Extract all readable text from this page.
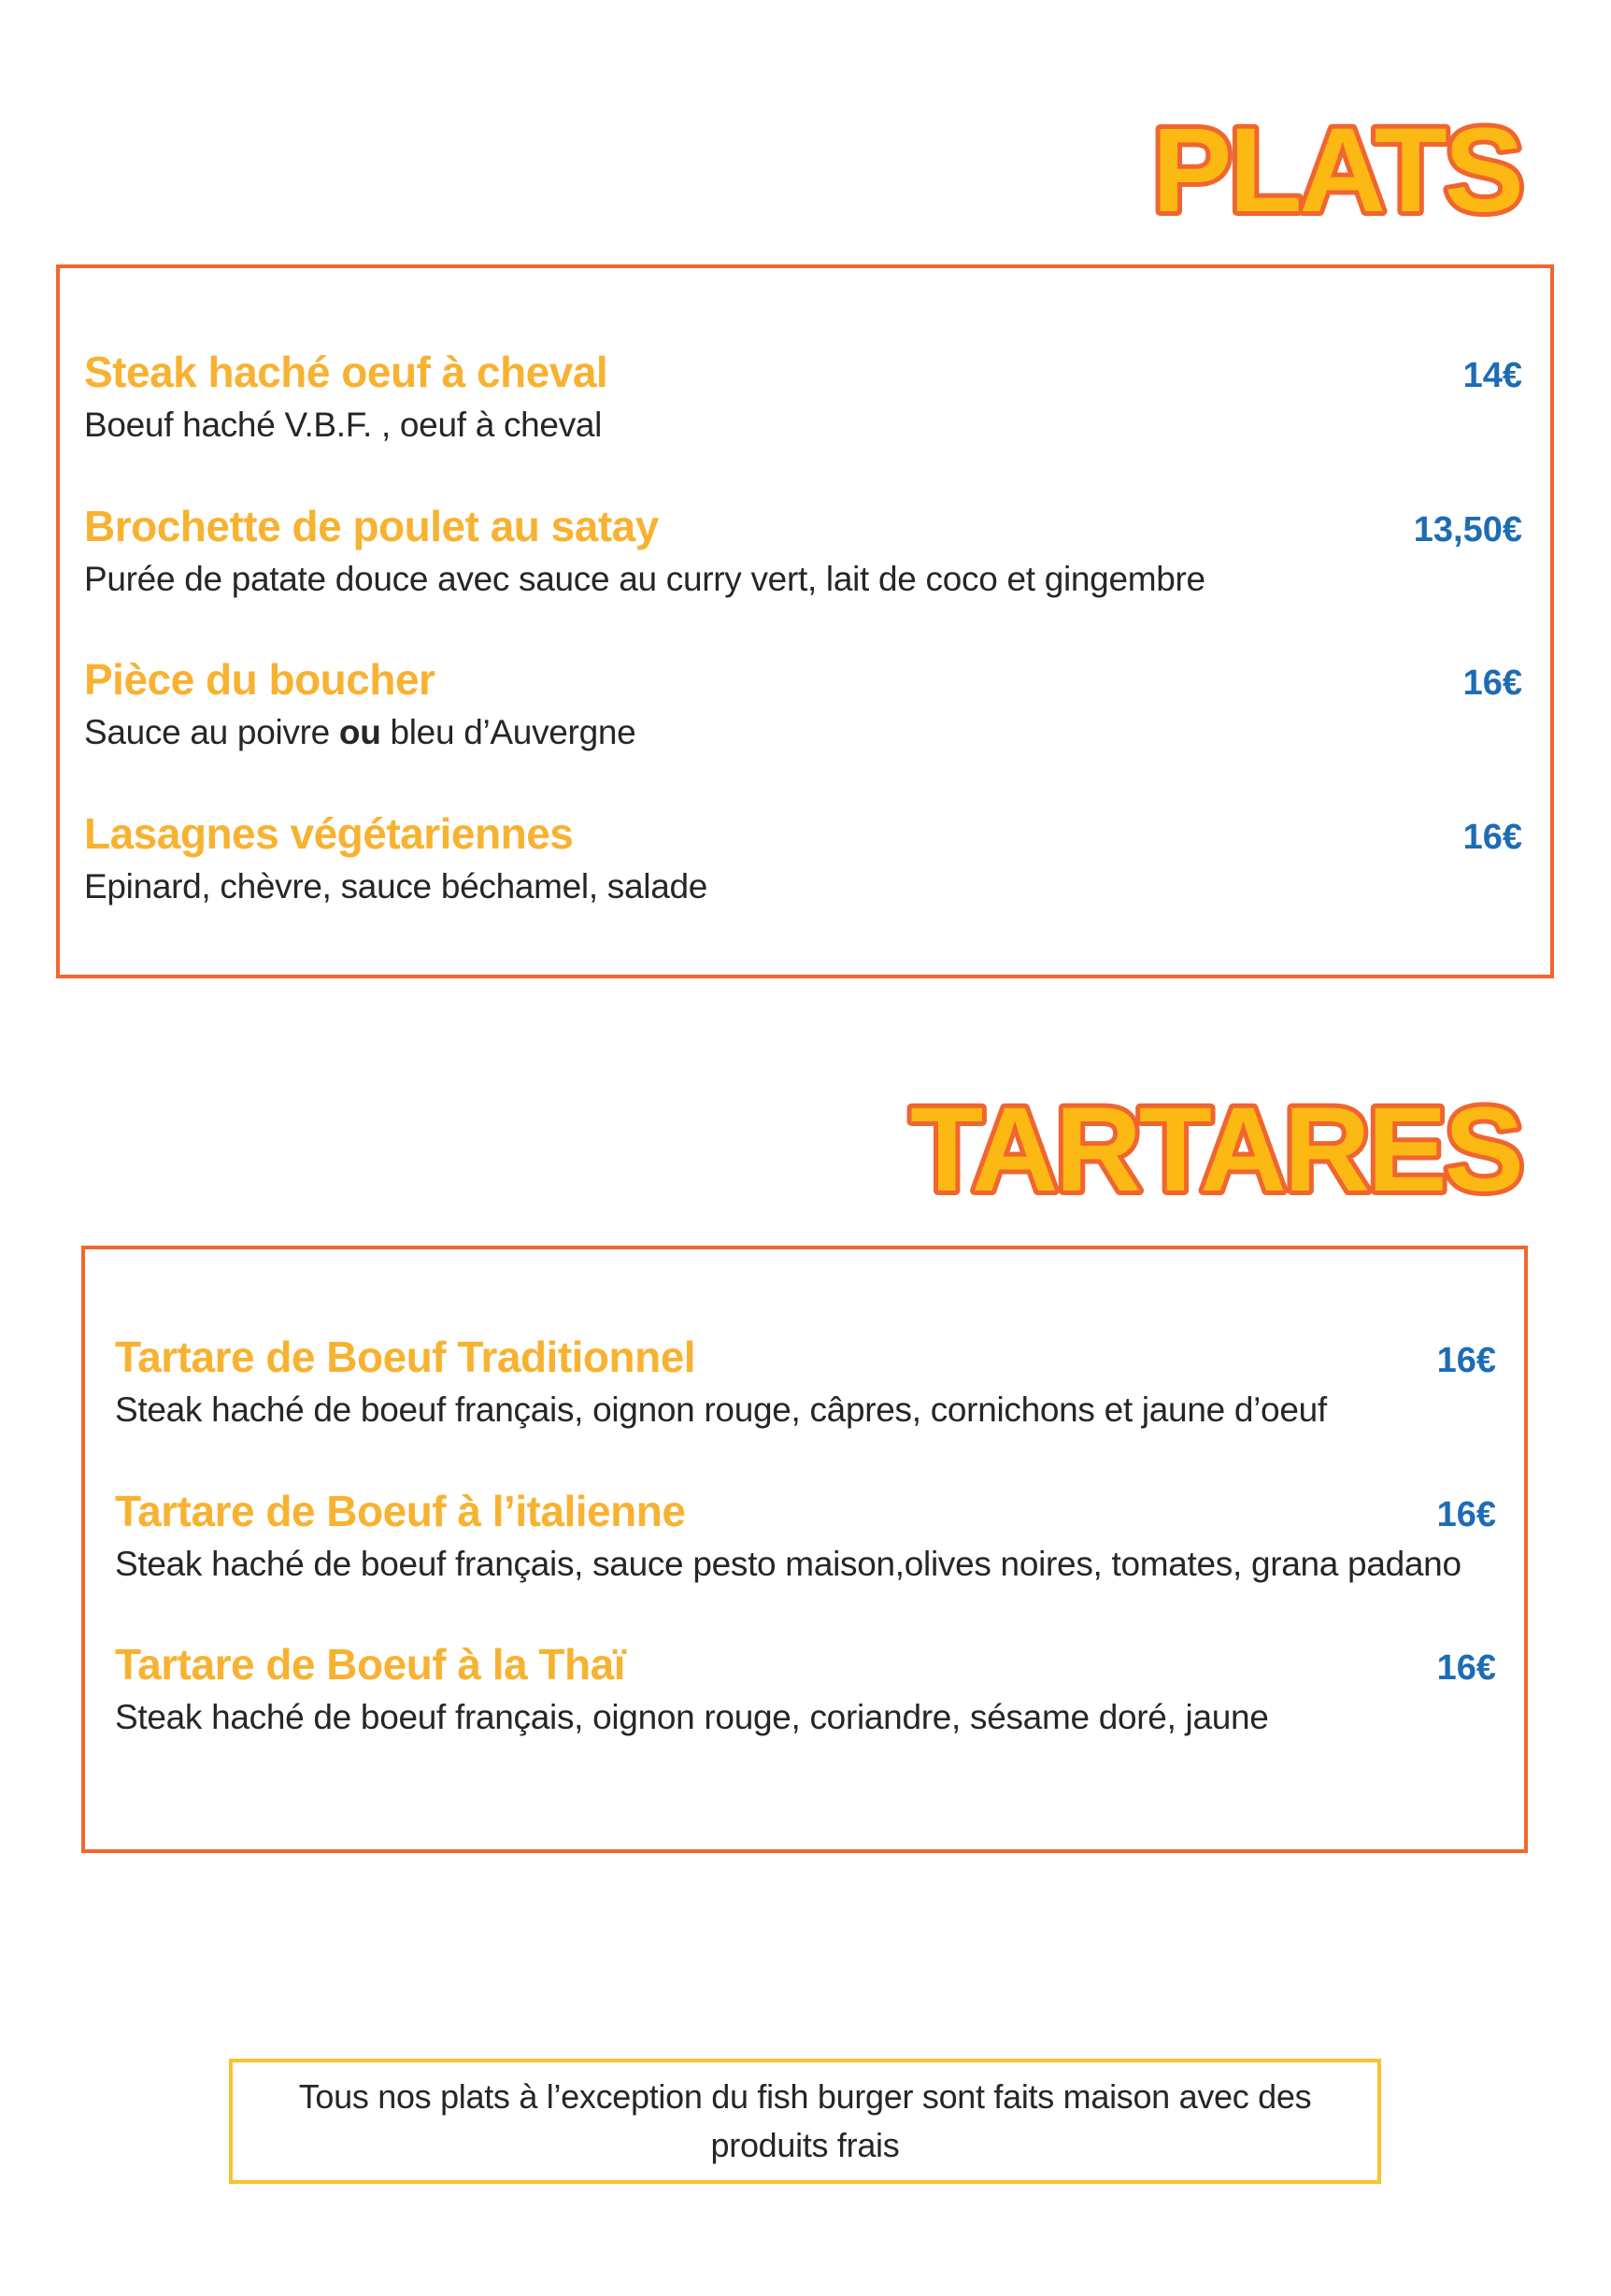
PLATS
Steak haché oeuf à cheval	14€
Boeuf haché V.B.F. , oeuf à cheval
Brochette de poulet au satay	13,50€
Purée de patate douce avec sauce au curry vert, lait de coco et gingembre
Pièce du boucher	16€
Sauce au poivre ou bleu d’Auvergne
Lasagnes végétariennes	16€
Epinard, chèvre, sauce béchamel, salade
TARTARES
Tartare de Boeuf Traditionnel	16€
Steak haché de boeuf français, oignon rouge, câpres, cornichons et jaune d’oeuf
Tartare de Boeuf à l’italienne	16€
Steak haché de boeuf français, sauce pesto maison,olives noires, tomates, grana padano
Tartare de Boeuf à la Thaï	16€
Steak haché de boeuf français, oignon rouge, coriandre, sésame doré, jaune
Tous nos plats à l’exception du fish burger sont faits maison avec des produits frais
